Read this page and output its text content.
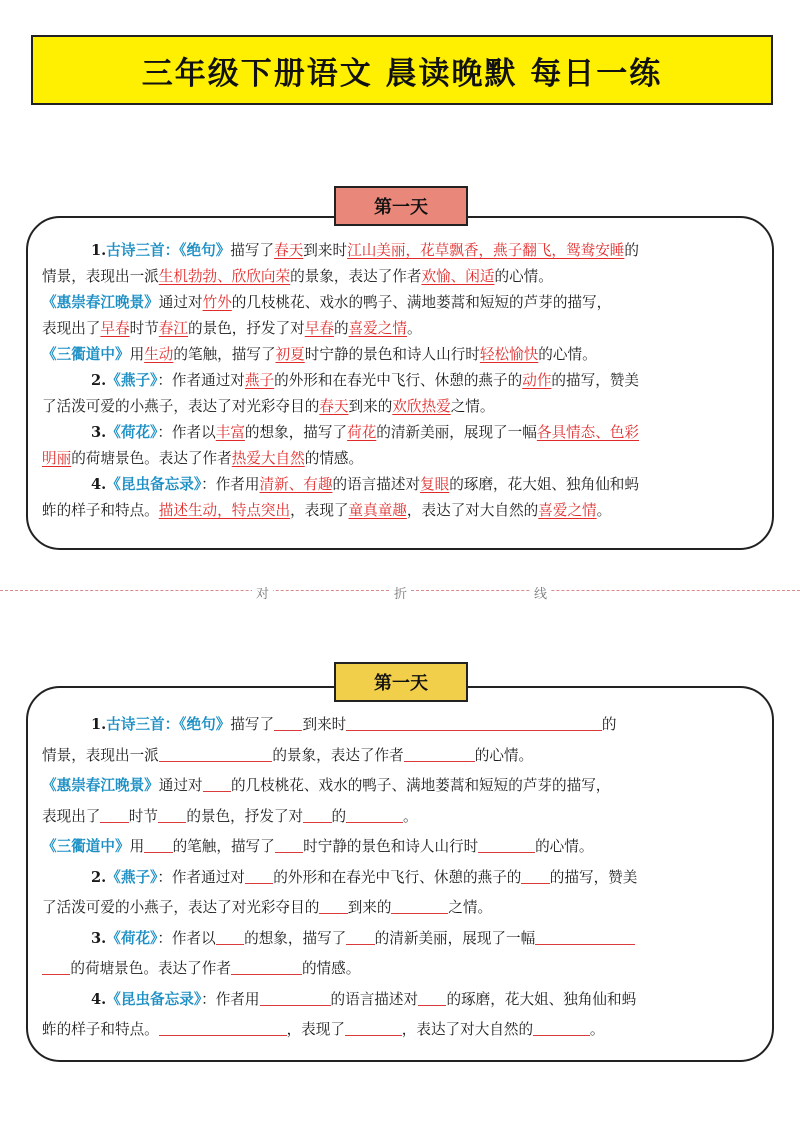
三年级下册语文 晨读晚默 每日一练
第一天
1.古诗三首：《绝句》描写了春天到来时江山美丽，花草飘香，燕子翻飞，鸳鸯安睡的
情景，表现出一派生机勃勃、欣欣向荣的景象，表达了作者欢愉、闲适的心情。
《惠崇春江晚景》通过对竹外的几枝桃花、戏水的鸭子、满地蒌蒿和短短的芦芽的描写，
表现出了早春时节春江的景色，抒发了对早春的喜爱之情。
《三衢道中》用生动的笔触，描写了初夏时宁静的景色和诗人山行时轻松愉快的心情。
2.《燕子》：作者通过对燕子的外形和在春光中飞行、休憩的燕子的动作的描写，赞美
了活泼可爱的小燕子，表达了对光彩夺目的春天到来的欢欣热爱之情。
3.《荷花》：作者以丰富的想象，描写了荷花的清新美丽，展现了一幅各具情态、色彩
明丽的荷塘景色。表达了作者热爱大自然的情感。
4.《昆虫备忘录》：作者用清新、有趣的语言描述对复眼的琢磨，花大姐、独角仙和蚂
蚱的样子和特点。描述生动，特点突出，表现了童真童趣，表达了对大自然的喜爱之情。
对	折	线
第一天
1.古诗三首：《绝句》描写了 到来时	的
情景，表现出一派	的景象，表达了作者	的心情。
《惠崇春江晚景》通过对 的几枝桃花、戏水的鸭子、满地蒌蒿和短短的芦芽的描写，
表现出了 时节 的景色，抒发了对 的	。
《三衢道中》用 的笔触，描写了 时宁静的景色和诗人山行时	的心情。
2.《燕子》：作者通过对 的外形和在春光中飞行、休憩的燕子的 的描写，赞美
了活泼可爱的小燕子，表达了对光彩夺目的 到来的	之情。
3.《荷花》：作者以 的想象，描写了 的清新美丽，展现了一幅
的荷塘景色。表达了作者	的情感。
4.《昆虫备忘录》：作者用	的语言描述对 的琢磨，花大姐、独角仙和蚂
蚱的样子和特点。	，表现了	，表达了对大自然的	。
